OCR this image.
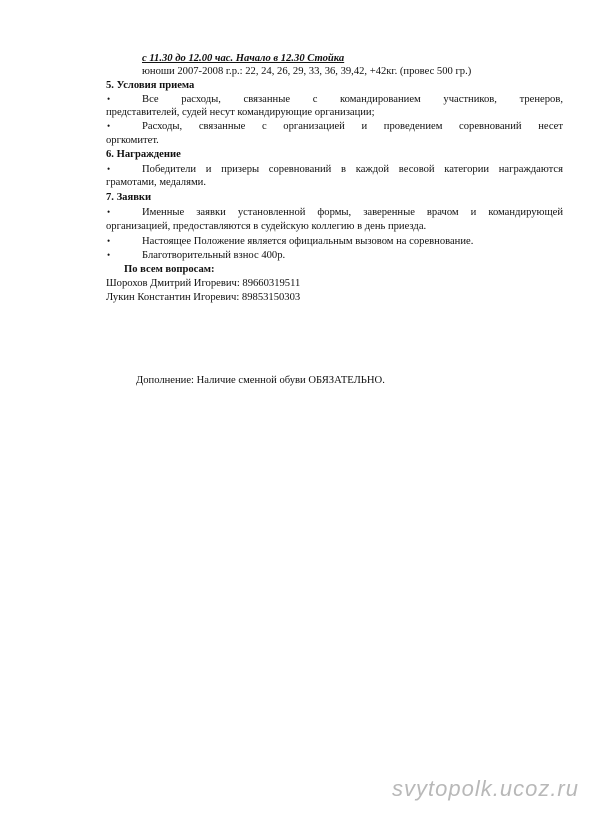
с 11.30 до 12.00 час. Начало в 12.30 Стойка
юноши 2007-2008 г.р.: 22, 24, 26, 29, 33, 36, 39,42, +42кг. (провес 500 гр.)
5. Условия приема
•	Все расходы, связанные с командированием участников, тренеров,
представителей, судей несут командирующие организации;
•	Расходы, связанные с организацией и проведением соревнований несет
оргкомитет.
6. Награждение
•	Победители и призеры соревнований в каждой весовой категории награждаются
грамотами, медалями.
7. Заявки
•	Именные заявки установленной формы, заверенные врачом и командирующей
организацией, предоставляются в судейскую коллегию в день приезда.
•	Настоящее Положение является официальным вызовом на соревнование.
•	Благотворительный взнос 400р.
По всем вопросам:
Шорохов Дмитрий Игоревич: 89660319511
Лукин Константин Игоревич: 89853150303
Дополнение: Наличие сменной обуви ОБЯЗАТЕЛЬНО.
svytopolk.ucoz.ru
